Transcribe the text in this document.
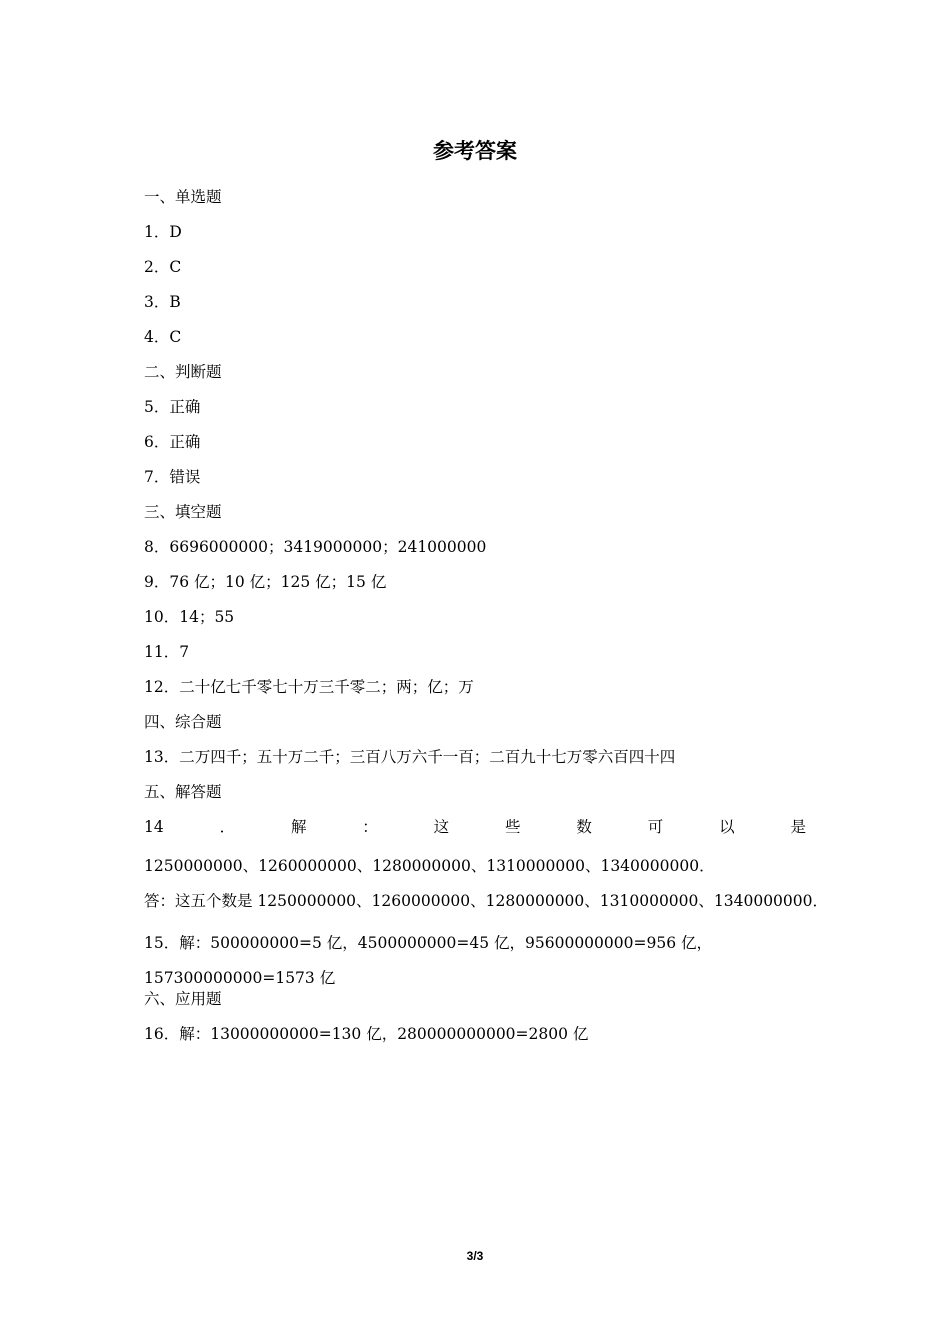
参考答案
一、单选题
1．D
2．C
3．B
4．C
二、判断题
5．正确
6．正确
7．错误
三、填空题
8．6696000000；3419000000；241000000
9．76 亿；10 亿；125 亿；15 亿
10．14；55
11．7
12．二十亿七千零七十万三千零二；两；亿；万
四、综合题
13．二万四千；五十万二千；三百八万六千一百；二百九十七万零六百四十四
五、解答题
14	．	解	：	这	些	数	可	以	是
1250000000、1260000000、1280000000、1310000000、1340000000．
答：这五个数是 1250000000、1260000000、1280000000、1310000000、1340000000．
15．解：500000000=5 亿，4500000000=45 亿，95600000000=956 亿，157300000000=1573 亿
六、应用题
16．解：13000000000=130 亿，280000000000=2800 亿
3/3
